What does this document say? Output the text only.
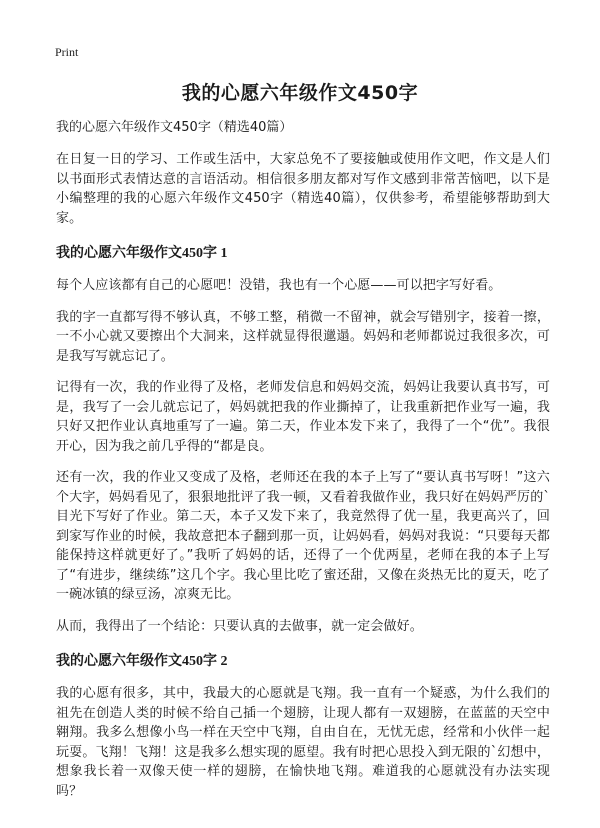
Print
我的心愿六年级作文450字

我的心愿六年级作文450字（精选40篇）

在日复一日的学习、工作或生活中，大家总免不了要接触或使用作文吧，作文是人们以书面形式表情达意的言语活动。相信很多朋友都对写作文感到非常苦恼吧，以下是小编整理的我的心愿六年级作文450字（精选40篇），仅供参考，希望能够帮助到大家。

我的心愿六年级作文450字 1

每个人应该都有自己的心愿吧！没错，我也有一个心愿——可以把字写好看。

我的字一直都写得不够认真，不够工整，稍微一不留神，就会写错别字，接着一擦，一不小心就又要擦出个大洞来，这样就显得很邋遢。妈妈和老师都说过我很多次，可是我写写就忘记了。

记得有一次，我的作业得了及格，老师发信息和妈妈交流，妈妈让我要认真书写，可是，我写了一会儿就忘记了，妈妈就把我的作业撕掉了，让我重新把作业写一遍，我只好又把作业认真地重写了一遍。第二天，作业本发下来了，我得了一个“优”。我很开心，因为我之前几乎得的“都是良。

还有一次，我的作业又变成了及格，老师还在我的本子上写了“要认真书写呀！”这六个大字，妈妈看见了，狠狠地批评了我一顿，又看着我做作业，我只好在妈妈严厉的`目光下写好了作业。第二天，本子又发下来了，我竟然得了优一星，我更高兴了，回到家写作业的时候，我故意把本子翻到那一页，让妈妈看，妈妈对我说：“只要每天都能保持这样就更好了。”我听了妈妈的话，还得了一个优两星，老师在我的本子上写了“有进步，继续练”这几个字。我心里比吃了蜜还甜，又像在炎热无比的夏天，吃了一碗冰镇的绿豆汤，凉爽无比。

从而，我得出了一个结论：只要认真的去做事，就一定会做好。

我的心愿六年级作文450字 2

我的心愿有很多，其中，我最大的心愿就是飞翔。我一直有一个疑惑，为什么我们的祖先在创造人类的时候不给自己插一个翅膀，让现人都有一双翅膀，在蓝蓝的天空中翱翔。我多么想像小鸟一样在天空中飞翔，自由自在，无忧无虑，经常和小伙伴一起玩耍。飞翔！飞翔！这是我多么想实现的愿望。我有时把心思投入到无限的`幻想中，想象我长着一双像天使一样的翅膀，在愉快地飞翔。难道我的心愿就没有办法实现吗？
